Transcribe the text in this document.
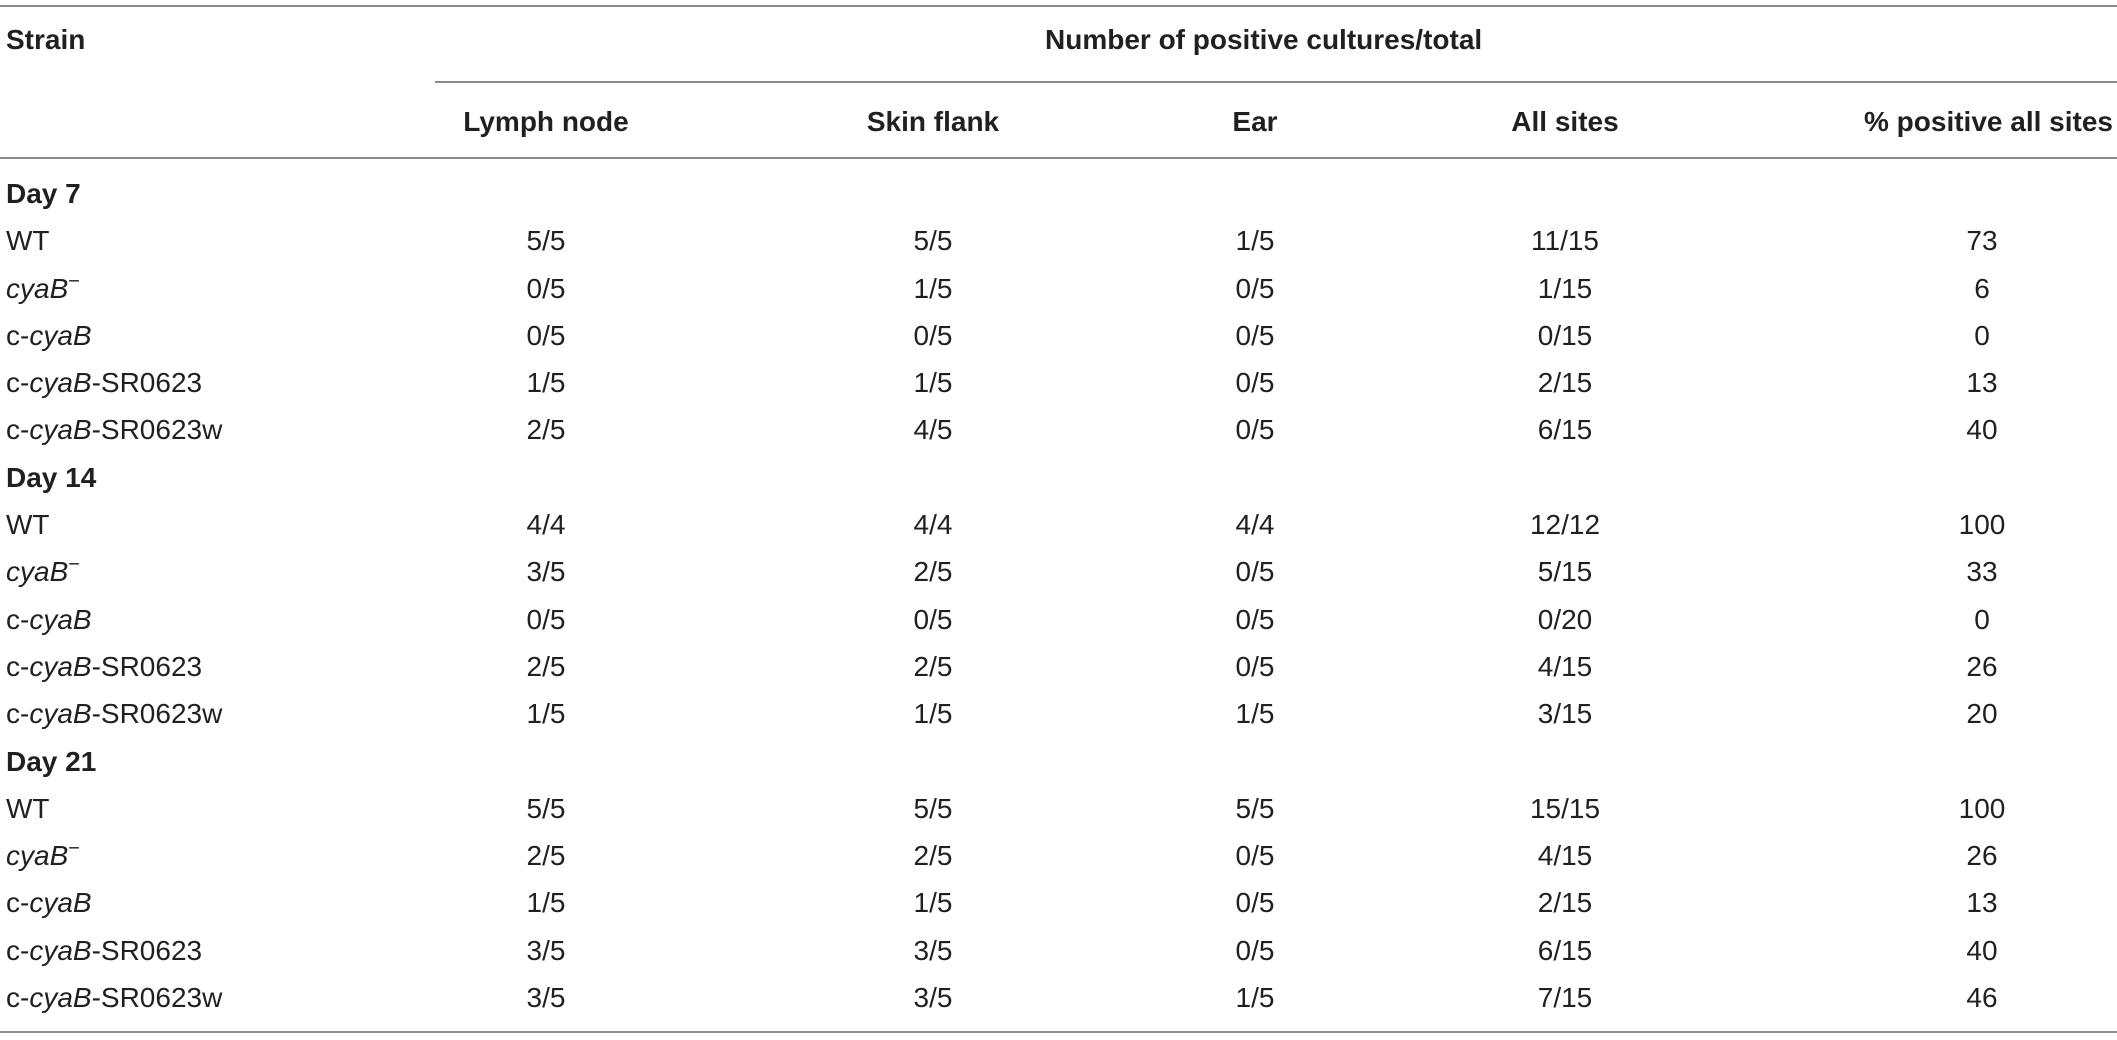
Strain	Number of positive cultures/total
Lymph node	Skin flank	Ear	All sites	% positive all sites
Day 7
WT	5/5	5/5	1/5	11/15	73
cyaB−	0/5	1/5	0/5	1/15	6
c-cyaB	0/5	0/5	0/5	0/15	0
c-cyaB-SR0623	1/5	1/5	0/5	2/15	13
c-cyaB-SR0623w	2/5	4/5	0/5	6/15	40
Day 14
WT	4/4	4/4	4/4	12/12	100
cyaB−	3/5	2/5	0/5	5/15	33
c-cyaB	0/5	0/5	0/5	0/20	0
c-cyaB-SR0623	2/5	2/5	0/5	4/15	26
c-cyaB-SR0623w	1/5	1/5	1/5	3/15	20
Day 21
WT	5/5	5/5	5/5	15/15	100
cyaB−	2/5	2/5	0/5	4/15	26
c-cyaB	1/5	1/5	0/5	2/15	13
c-cyaB-SR0623	3/5	3/5	0/5	6/15	40
c-cyaB-SR0623w	3/5	3/5	1/5	7/15	46
